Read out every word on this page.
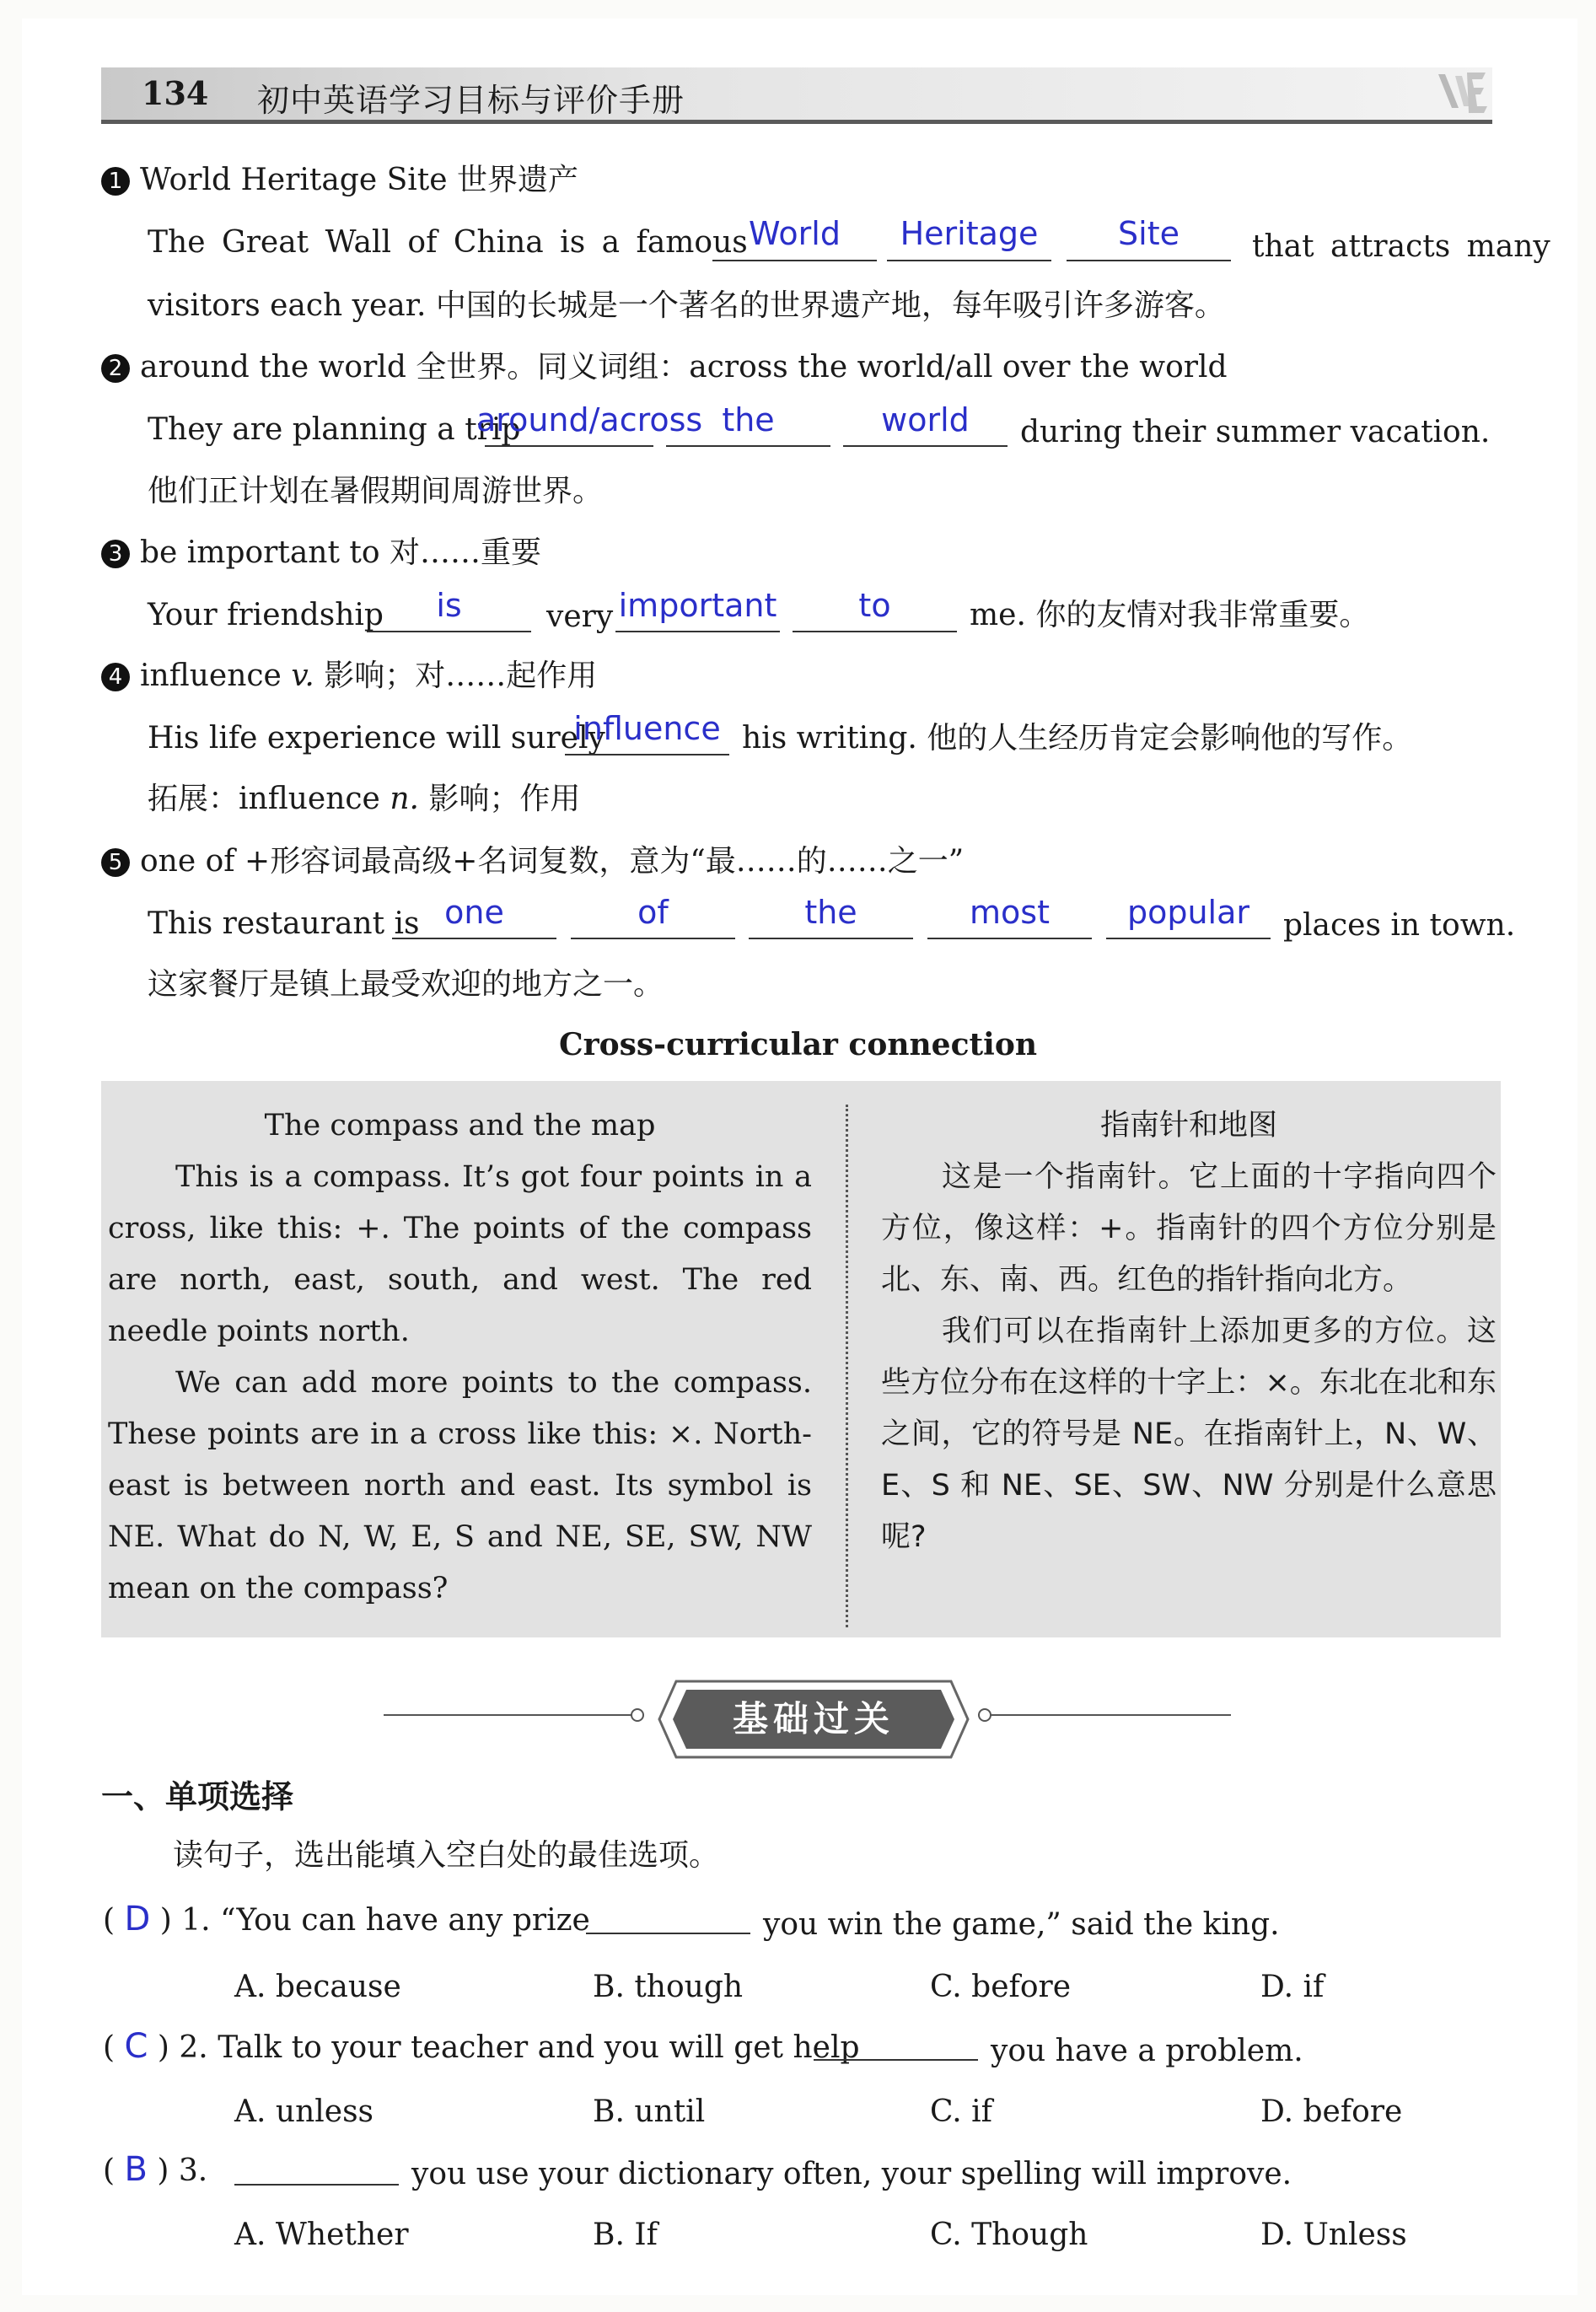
134 初中英语学习目标与评价手册
1 World Heritage Site 世界遗产
The Great Wall of China is a famous World	Heritage	Site	that attracts many
visitors each year. 中国的长城是一个著名的世界遗产地，每年吸引许多游客。
2 around the world 全世界。同义词组：across the world/all over the world
They are planning a trip
around/across the	world	during their summer vacation.
他们正计划在暑假期间周游世界。
3 be important to 对……重要
Your friendship	is	very important	to	me. 你的友情对我非常重要。
4 influence v. 影响；对……起作用
His life experience will surely
influence his writing. 他的人生经历肯定会影响他的写作。
拓展：influence n. 影响；作用
5 one of +形容词最高级+名词复数，意为“最……的……之一”
This restaurant is one	of	the	most	popular	places in town.
这家餐厅是镇上最受欢迎的地方之一。
Cross-curricular connection
The compass and the map
This is a compass. It’s got four points in a cross, like this: +. The points of the compass are north, east, south, and west. The red needle points north.
We can add more points to the compass. These points are in a cross like this: ×. North-east is between north and east. Its symbol is NE. What do N, W, E, S and NE, SE, SW, NW mean on the compass?
指南针和地图
这是一个指南针。它上面的十字指向四个方位，像这样：+。指南针的四个方位分别是北、东、南、西。红色的指针指向北方。
我们可以在指南针上添加更多的方位。这些方位分布在这样的十字上：×。东北在北和东之间，它的符号是 NE。在指南针上，N、W、E、S 和 NE、SE、SW、NW 分别是什么意思呢?
基础过关
一、单项选择
读句子，选出能填入空白处的最佳选项。
( D ) 1. “You can have any prize	you win the game,” said the king.
A. because	B. though	C. before	D. if
( C ) 2. Talk to your teacher and you will get help	you have a problem.
A. unless	B. until	C. if	D. before
( B ) 3.	you use your dictionary often, your spelling will improve.
A. Whether	B. If	C. Though	D. Unless
